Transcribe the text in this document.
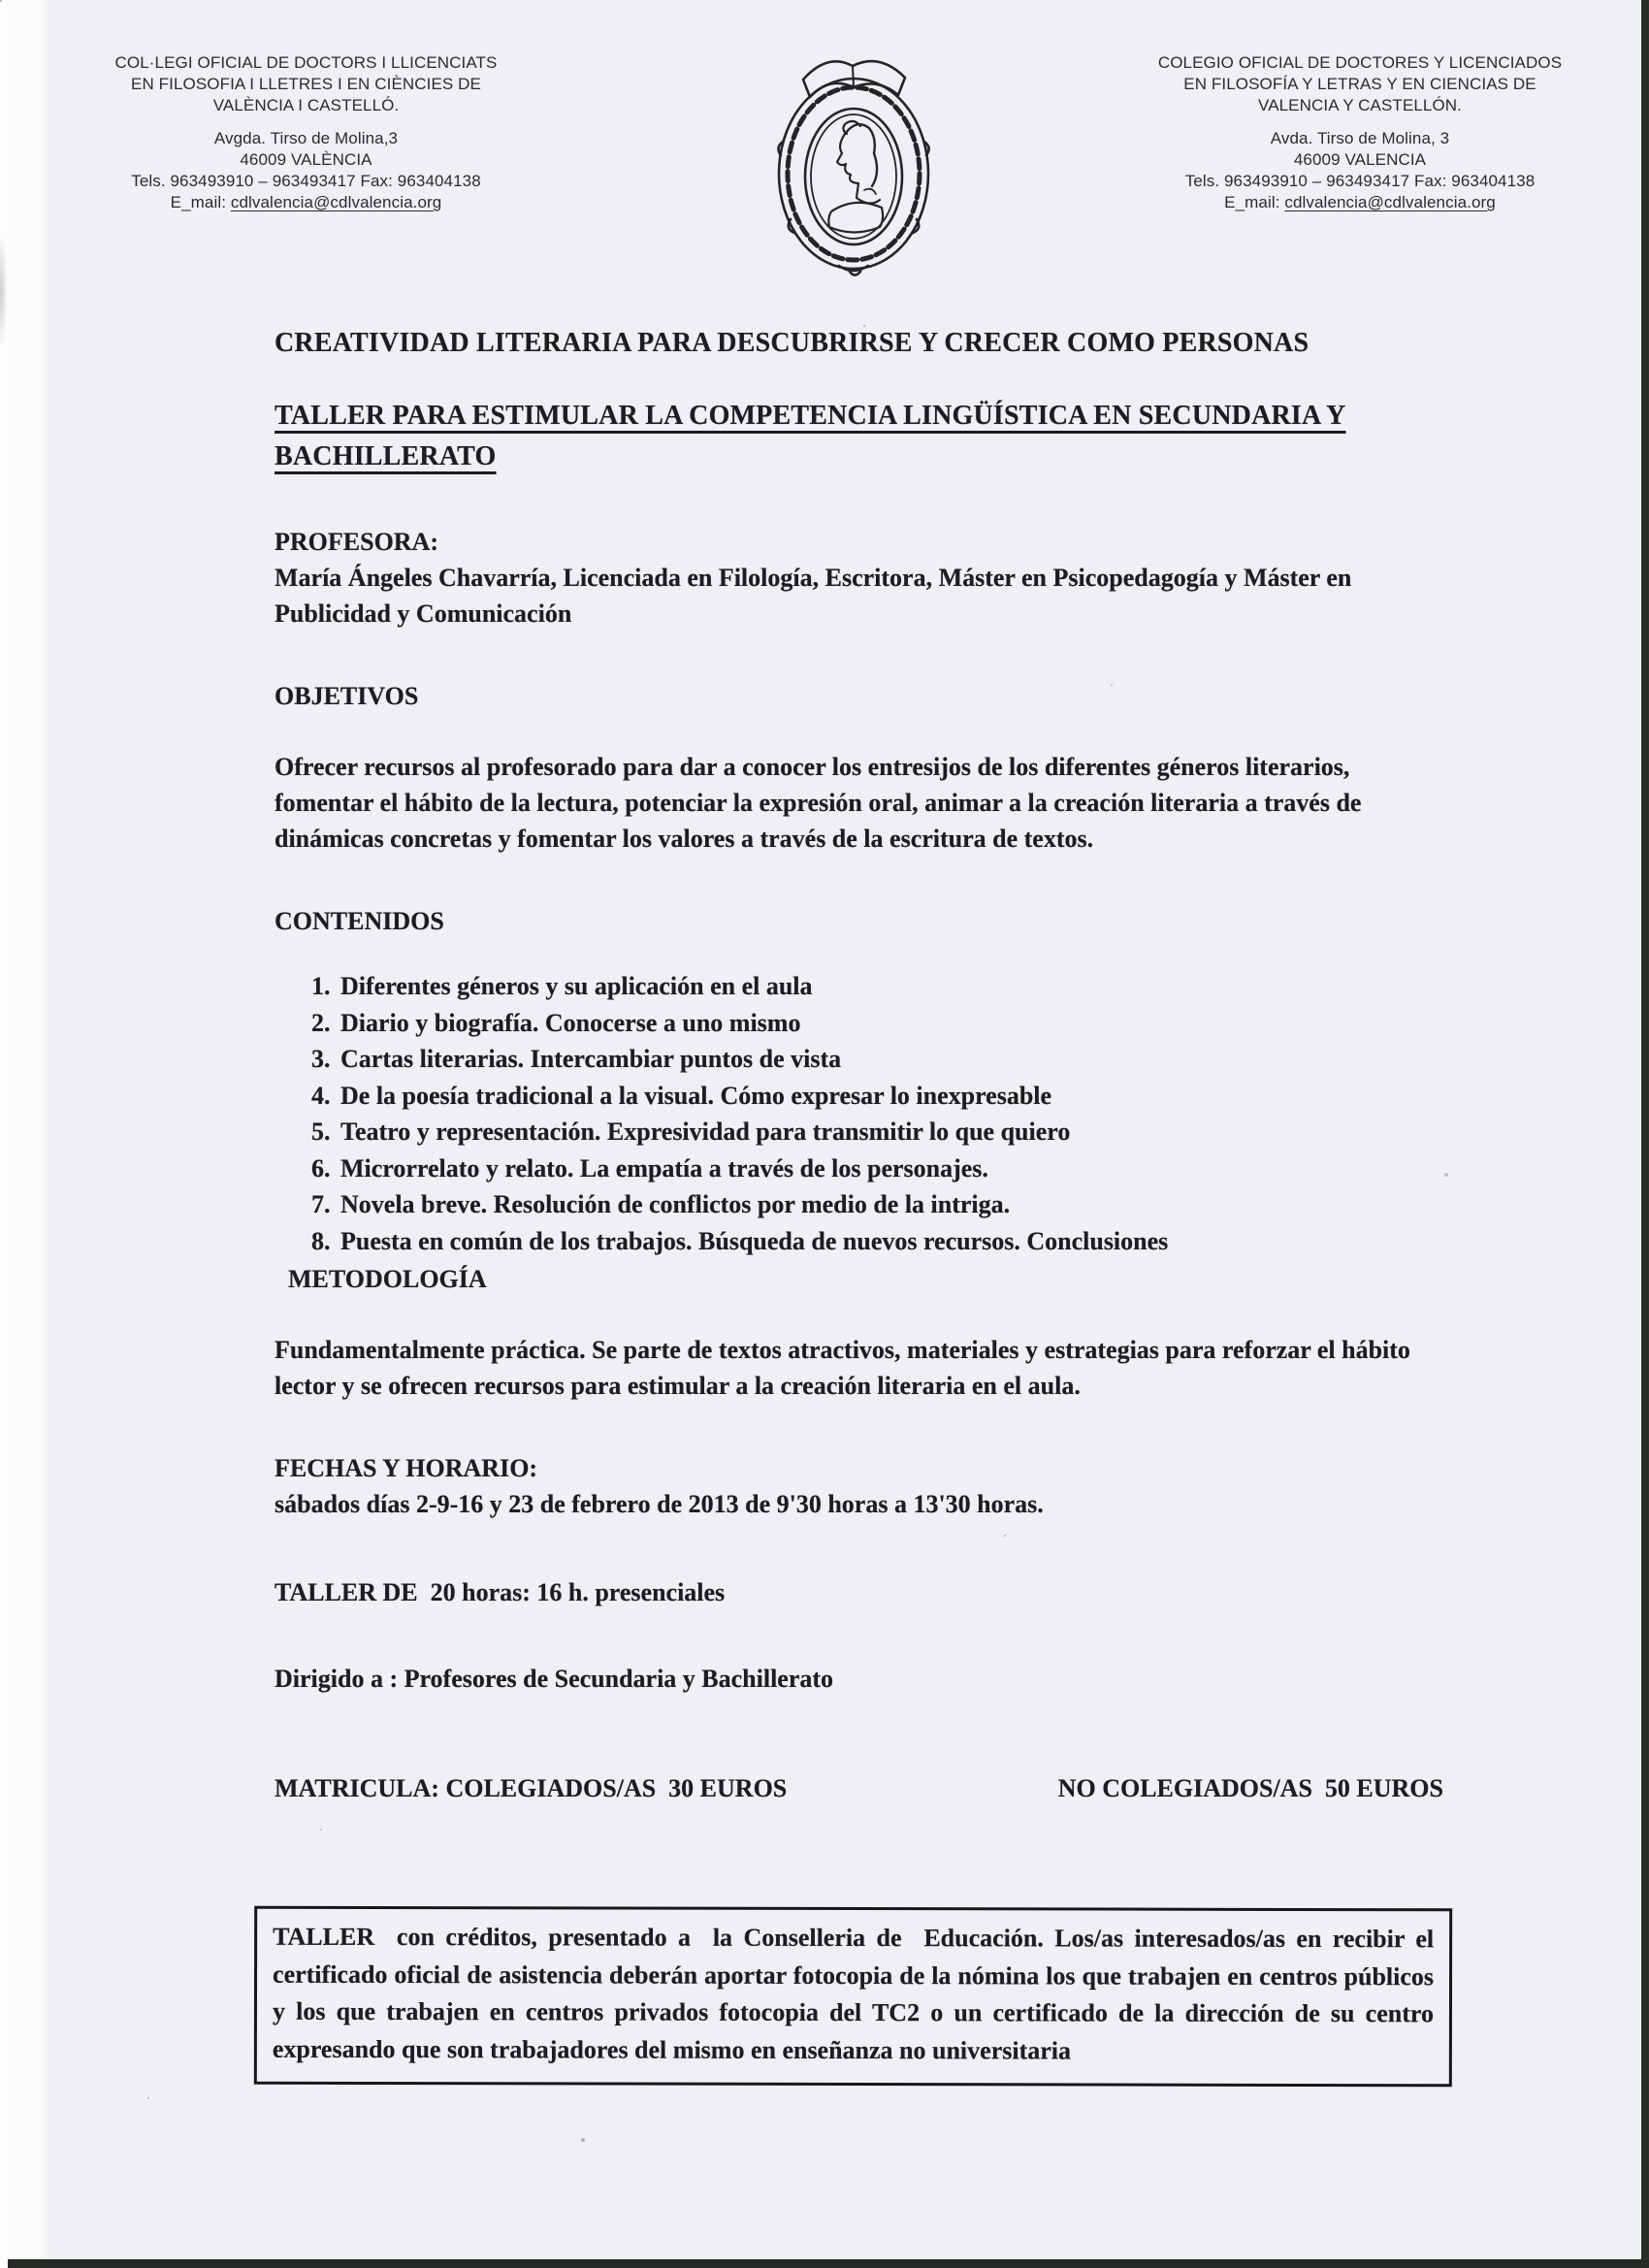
COL·LEGI OFICIAL DE DOCTORS I LLICENCIATS
EN FILOSOFIA I LLETRES I EN CIÈNCIES DE
VALÈNCIA I CASTELLÓ.
Avgda. Tirso de Molina,3
46009 VALÈNCIA
Tels. 963493910 – 963493417 Fax: 963404138
E_mail: cdlvalencia@cdlvalencia.org
COLEGIO OFICIAL DE DOCTORES Y LICENCIADOS
EN FILOSOFÍA Y LETRAS Y EN CIENCIAS DE
VALENCIA Y CASTELLÓN.
Avda. Tirso de Molina, 3
46009 VALENCIA
Tels. 963493910 – 963493417 Fax: 963404138
E_mail: cdlvalencia@cdlvalencia.org

CREATIVIDAD LITERARIA PARA DESCUBRIRSE Y CRECER COMO PERSONAS

TALLER PARA ESTIMULAR LA COMPETENCIA LINGÜÍSTICA EN SECUNDARIA Y BACHILLERATO

PROFESORA:

María Ángeles Chavarría, Licenciada en Filología, Escritora, Máster en Psicopedagogía y Máster en Publicidad y Comunicación

OBJETIVOS

Ofrecer recursos al profesorado para dar a conocer los entresijos de los diferentes géneros literarios, fomentar el hábito de la lectura, potenciar la expresión oral, animar a la creación literaria a través de dinámicas concretas y fomentar los valores a través de la escritura de textos.

CONTENIDOS

1. Diferentes géneros y su aplicación en el aula
2. Diario y biografía. Conocerse a uno mismo
3. Cartas literarias. Intercambiar puntos de vista
4. De la poesía tradicional a la visual. Cómo expresar lo inexpresable
5. Teatro y representación. Expresividad para transmitir lo que quiero
6. Microrrelato y relato. La empatía a través de los personajes.
7. Novela breve. Resolución de conflictos por medio de la intriga.
8. Puesta en común de los trabajos. Búsqueda de nuevos recursos. Conclusiones

METODOLOGÍA

Fundamentalmente práctica. Se parte de textos atractivos, materiales y estrategias para reforzar el hábito lector y se ofrecen recursos para estimular a la creación literaria en el aula.

FECHAS Y HORARIO:

sábados días 2-9-16 y 23 de febrero de 2013 de 9'30 horas a 13'30 horas.

TALLER DE  20 horas: 16 h. presenciales

Dirigido a : Profesores de Secundaria y Bachillerato

MATRICULA: COLEGIADOS/AS  30 EUROS	NO COLEGIADOS/AS  50 EUROS

TALLER  con créditos, presentado a  la Conselleria de  Educación. Los/as interesados/as en recibir el certificado oficial de asistencia deberán aportar fotocopia de la nómina los que trabajen en centros públicos y los que trabajen en centros privados fotocopia del TC2 o un certificado de la dirección de su centro expresando que son trabajadores del mismo en enseñanza no universitaria
